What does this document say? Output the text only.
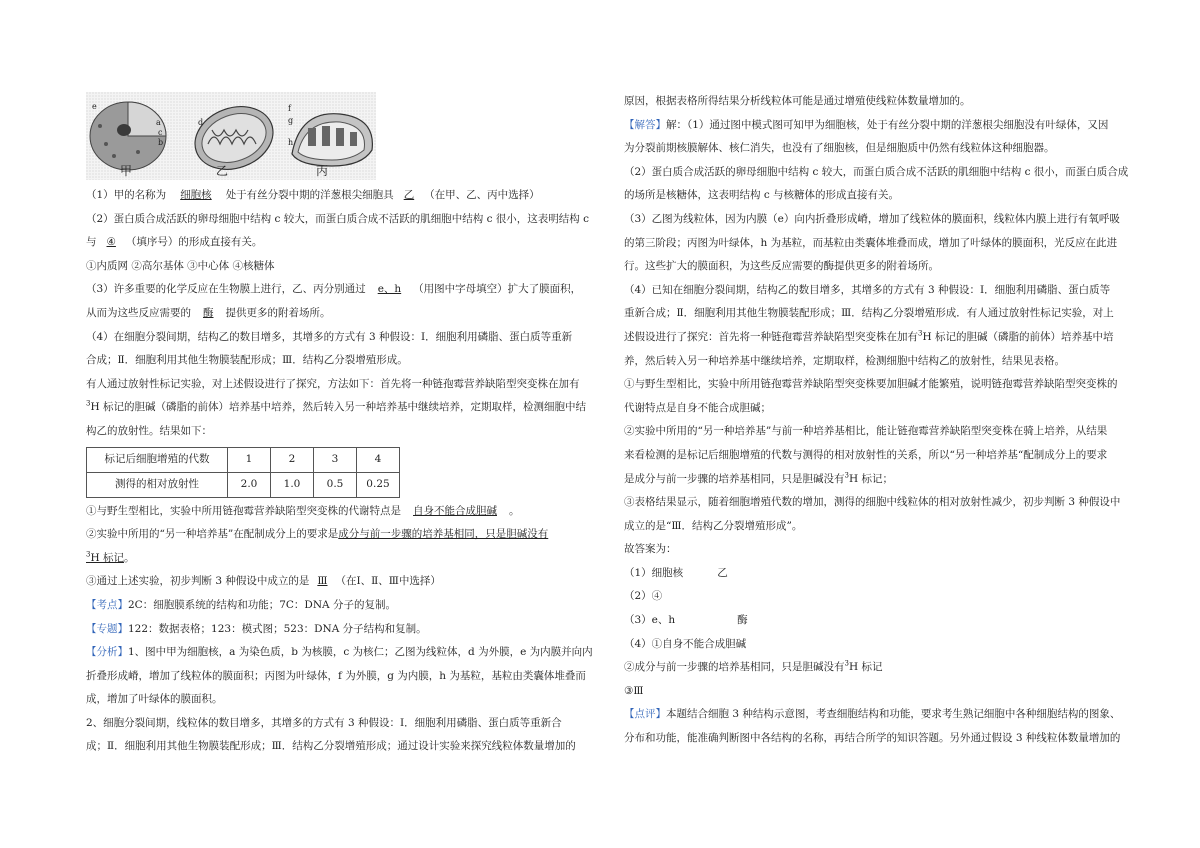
e
a
c
b
d
f
g
h
甲	乙	丙

（1）甲的名称为 细胞核 处于有丝分裂中期的洋葱根尖细胞具 乙 （在甲、乙、丙中选择）

（2）蛋白质合成活跃的卵母细胞中结构 c 较大，而蛋白质合成不活跃的肌细胞中结构 c 很小，这表明结构 c

与 ④ （填序号）的形成直接有关。

①内质网 ②高尔基体 ③中心体 ④核糖体

（3）许多重要的化学反应在生物膜上进行，乙、丙分别通过 e、h （用图中字母填空）扩大了膜面积，

从而为这些反应需要的 酶 提供更多的附着场所。

（4）在细胞分裂间期，结构乙的数目增多，其增多的方式有 3 种假设：Ⅰ．细胞利用磷脂、蛋白质等重新

合成；Ⅱ．细胞利用其他生物膜装配形成；Ⅲ．结构乙分裂增殖形成。

有人通过放射性标记实验，对上述假设进行了探究，方法如下：首先将一种链孢霉营养缺陷型突变株在加有

$^3$H 标记的胆碱（磷脂的前体）培养基中培养，然后转入另一种培养基中继续培养，定期取样，检测细胞中结

构乙的放射性。结果如下：

标记后细胞增殖的代数	1	2	3	4
测得的相对放射性	2.0	1.0	0.5	0.25

①与野生型相比，实验中所用链孢霉营养缺陷型突变株的代谢特点是 自身不能合成胆碱 。

②实验中所用的“另一种培养基”在配制成分上的要求是成分与前一步骤的培养基相同，只是胆碱没有

$^3$H 标记。

③通过上述实验，初步判断 3 种假设中成立的是 Ⅲ （在Ⅰ、Ⅱ、Ⅲ中选择）

【考点】2C：细胞膜系统的结构和功能；7C：DNA 分子的复制。

【专题】122：数据表格；123：模式图；523：DNA 分子结构和复制。

【分析】1、图中甲为细胞核，a 为染色质，b 为核膜，c 为核仁；乙图为线粒体，d 为外膜，e 为内膜并向内

折叠形成嵴，增加了线粒体的膜面积；丙图为叶绿体，f 为外膜，g 为内膜，h 为基粒，基粒由类囊体堆叠而

成，增加了叶绿体的膜面积。

2、细胞分裂间期，线粒体的数目增多，其增多的方式有 3 种假设：Ⅰ．细胞利用磷脂、蛋白质等重新合

成；Ⅱ．细胞利用其他生物膜装配形成；Ⅲ．结构乙分裂增殖形成；通过设计实验来探究线粒体数量增加的

原因，根据表格所得结果分析线粒体可能是通过增殖使线粒体数量增加的。

【解答】解：（1）通过图中模式图可知甲为细胞核，处于有丝分裂中期的洋葱根尖细胞没有叶绿体，又因

为分裂前期核膜解体、核仁消失，也没有了细胞核，但是细胞质中仍然有线粒体这种细胞器。

（2）蛋白质合成活跃的卵母细胞中结构 c 较大，而蛋白质合成不活跃的肌细胞中结构 c 很小，而蛋白质合成

的场所是核糖体，这表明结构 c 与核糖体的形成直接有关。

（3）乙图为线粒体，因为内膜（e）向内折叠形成嵴，增加了线粒体的膜面积，线粒体内膜上进行有氧呼吸

的第三阶段；丙图为叶绿体，h 为基粒，而基粒由类囊体堆叠而成，增加了叶绿体的膜面积，光反应在此进

行。这些扩大的膜面积，为这些反应需要的酶提供更多的附着场所。

（4）已知在细胞分裂间期，结构乙的数目增多，其增多的方式有 3 种假设：Ⅰ．细胞利用磷脂、蛋白质等

重新合成；Ⅱ．细胞利用其他生物膜装配形成；Ⅲ．结构乙分裂增殖形成．有人通过放射性标记实验，对上

述假设进行了探究：首先将一种链孢霉营养缺陷型突变株在加有$^3$H 标记的胆碱（磷脂的前体）培养基中培

养，然后转入另一种培养基中继续培养，定期取样，检测细胞中结构乙的放射性，结果见表格。

①与野生型相比，实验中所用链孢霉营养缺陷型突变株要加胆碱才能繁殖，说明链孢霉营养缺陷型突变株的

代谢特点是自身不能合成胆碱；

②实验中所用的“另一种培养基”与前一种培养基相比，能让链孢霉营养缺陷型突变株在骑上培养，从结果

来看检测的是标记后细胞增殖的代数与测得的相对放射性的关系，所以“另一种培养基“配制成分上的要求

是成分与前一步骤的培养基相同，只是胆碱没有$^3$H 标记；

③表格结果显示，随着细胞增殖代数的增加，测得的细胞中线粒体的相对放射性减少，初步判断 3 种假设中

成立的是“Ⅲ．结构乙分裂增殖形成”。

故答案为：

（1）细胞核	乙

（2）④

（3）e、h	酶

（4）①自身不能合成胆碱

②成分与前一步骤的培养基相同，只是胆碱没有$^3$H 标记

③Ⅲ

【点评】本题结合细胞 3 种结构示意图，考查细胞结构和功能，要求考生熟记细胞中各种细胞结构的图象、

分布和功能，能准确判断图中各结构的名称，再结合所学的知识答题。另外通过假设 3 种线粒体数量增加的
